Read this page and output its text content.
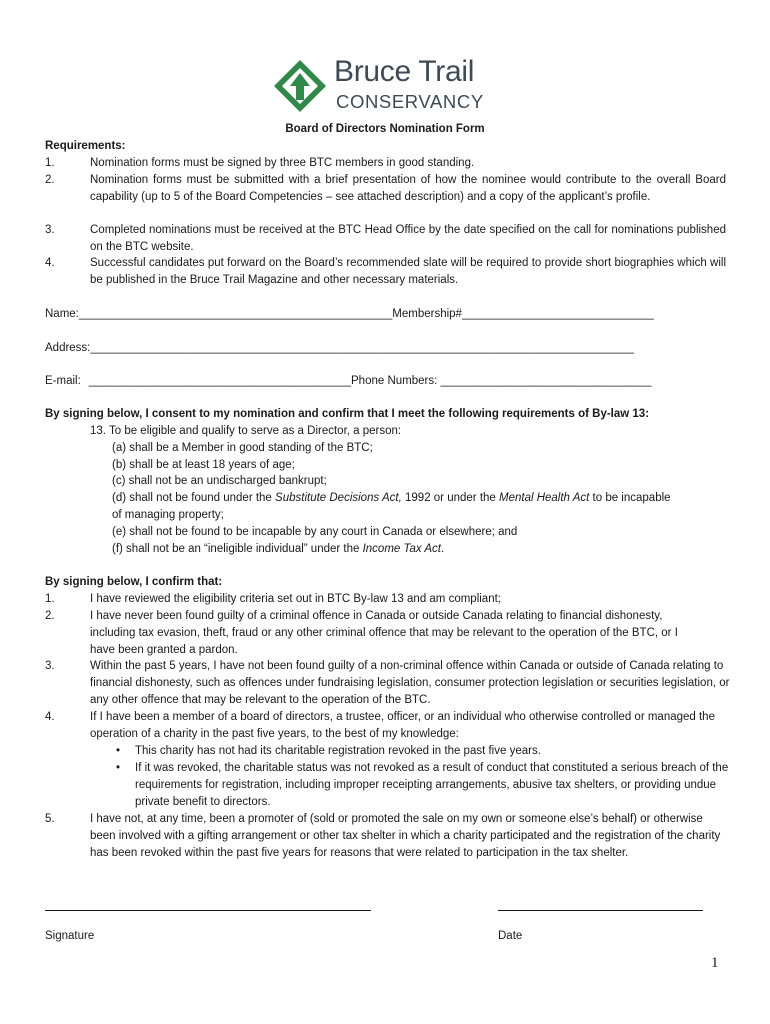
Bruce Trail
CONSERVANCY
Board of Directors Nomination Form
Requirements:
1.	Nomination forms must be signed by three BTC members in good standing.
2.	Nomination forms must be submitted with a brief presentation of how the nominee would contribute to the overall Board capability (up to 5 of the Board Competencies – see attached description) and a copy of the applicant’s profile.
3.	Completed nominations must be received at the BTC Head Office by the date specified on the call for nominations published on the BTC website.
4.	Successful candidates put forward on the Board’s recommended slate will be required to provide short biographies which will be published in the Bruce Trail Magazine and other necessary materials.
Name:_________________________________________________Membership#______________________________
Address:_____________________________________________________________________________________
E-mail: _________________________________________Phone Numbers: _________________________________
By signing below, I consent to my nomination and confirm that I meet the following requirements of By-law 13:
13. To be eligible and qualify to serve as a Director, a person:
(a) shall be a Member in good standing of the BTC;
(b) shall be at least 18 years of age;
(c) shall not be an undischarged bankrupt;
(d) shall not be found under the Substitute Decisions Act, 1992 or under the Mental Health Act to be incapable of managing property;
(e) shall not be found to be incapable by any court in Canada or elsewhere; and
(f) shall not be an “ineligible individual” under the Income Tax Act.
By signing below, I confirm that:
1.	I have reviewed the eligibility criteria set out in BTC By-law 13 and am compliant;
2.	I have never been found guilty of a criminal offence in Canada or outside Canada relating to financial dishonesty, including tax evasion, theft, fraud or any other criminal offence that may be relevant to the operation of the BTC, or I have been granted a pardon.
3.	Within the past 5 years, I have not been found guilty of a non-criminal offence within Canada or outside of Canada relating to financial dishonesty, such as offences under fundraising legislation, consumer protection legislation or securities legislation, or any other offence that may be relevant to the operation of the BTC.
4.	If I have been a member of a board of directors, a trustee, officer, or an individual who otherwise controlled or managed the operation of a charity in the past five years, to the best of my knowledge:
• This charity has not had its charitable registration revoked in the past five years.
• If it was revoked, the charitable status was not revoked as a result of conduct that constituted a serious breach of the requirements for registration, including improper receipting arrangements, abusive tax shelters, or providing undue private benefit to directors.
5.	I have not, at any time, been a promoter of (sold or promoted the sale on my own or someone else’s behalf) or otherwise been involved with a gifting arrangement or other tax shelter in which a charity participated and the registration of the charity has been revoked within the past five years for reasons that were related to participation in the tax shelter.
Signature	Date
1
